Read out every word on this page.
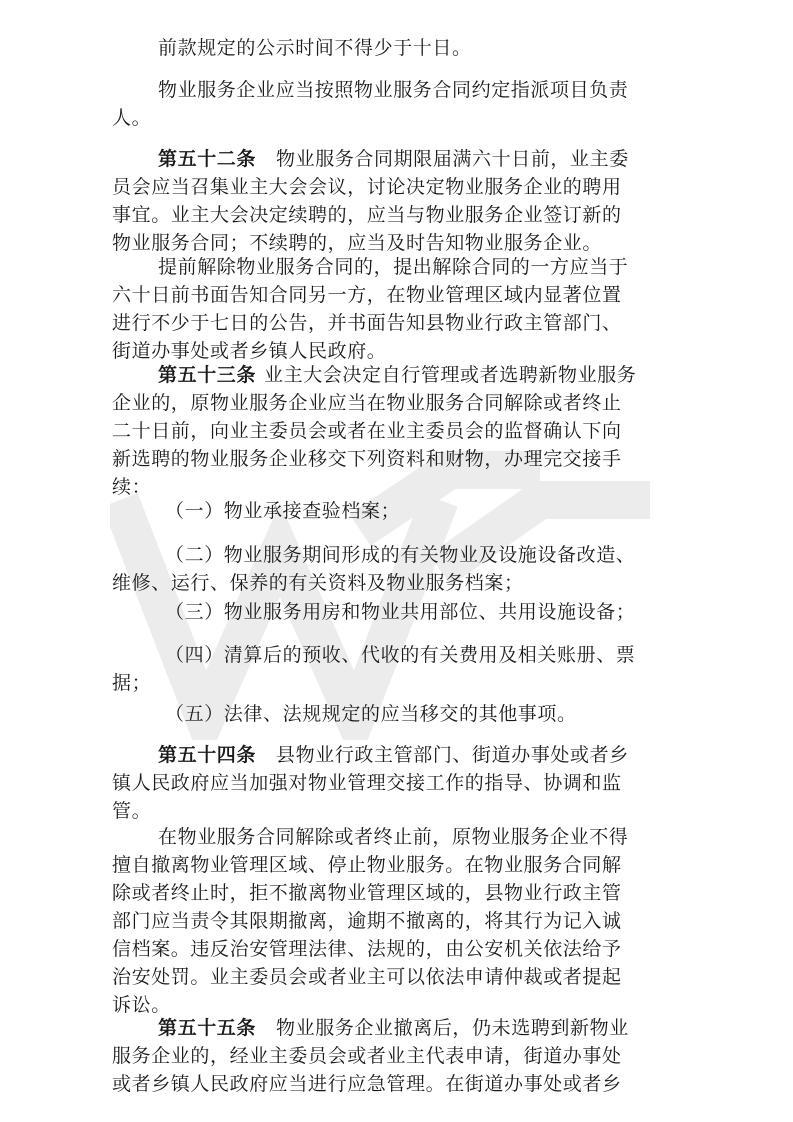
前款规定的公示时间不得少于十日。
物业服务企业应当按照物业服务合同约定指派项目负责
人。
第五十二条 物业服务合同期限届满六十日前，业主委
员会应当召集业主大会会议，讨论决定物业服务企业的聘用
事宜。业主大会决定续聘的，应当与物业服务企业签订新的
物业服务合同；不续聘的，应当及时告知物业服务企业。
提前解除物业服务合同的，提出解除合同的一方应当于
六十日前书面告知合同另一方，在物业管理区域内显著位置
进行不少于七日的公告，并书面告知县物业行政主管部门、
街道办事处或者乡镇人民政府。
第五十三条 业主大会决定自行管理或者选聘新物业服务
企业的，原物业服务企业应当在物业服务合同解除或者终止
二十日前，向业主委员会或者在业主委员会的监督确认下向
新选聘的物业服务企业移交下列资料和财物，办理完交接手
续：
（一）物业承接查验档案；
（二）物业服务期间形成的有关物业及设施设备改造、
维修、运行、保养的有关资料及物业服务档案；
（三）物业服务用房和物业共用部位、共用设施设备；
（四）清算后的预收、代收的有关费用及相关账册、票
据；
（五）法律、法规规定的应当移交的其他事项。
第五十四条 县物业行政主管部门、街道办事处或者乡
镇人民政府应当加强对物业管理交接工作的指导、协调和监
管。
在物业服务合同解除或者终止前，原物业服务企业不得
擅自撤离物业管理区域、停止物业服务。在物业服务合同解
除或者终止时，拒不撤离物业管理区域的，县物业行政主管
部门应当责令其限期撤离，逾期不撤离的，将其行为记入诚
信档案。违反治安管理法律、法规的，由公安机关依法给予
治安处罚。业主委员会或者业主可以依法申请仲裁或者提起
诉讼。
第五十五条 物业服务企业撤离后，仍未选聘到新物业
服务企业的，经业主委员会或者业主代表申请，街道办事处
或者乡镇人民政府应当进行应急管理。在街道办事处或者乡
